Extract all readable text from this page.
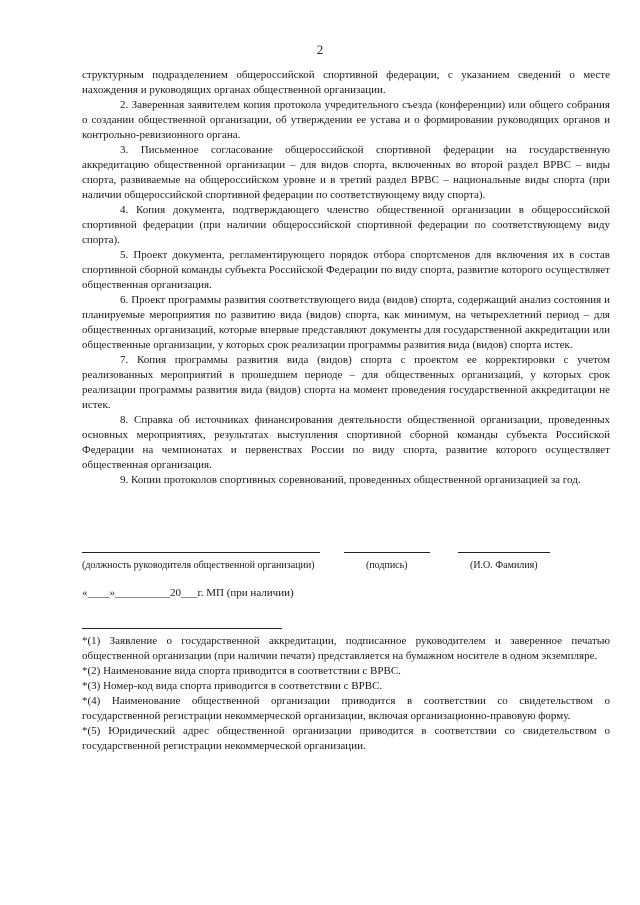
2

структурным подразделением общероссийской спортивной федерации, с указанием сведений о месте нахождения и руководящих органах общественной организации.

2. Заверенная заявителем копия протокола учредительного съезда (конференции) или общего собрания о создании общественной организации, об утверждении ее устава и о формировании руководящих органов и контрольно-ревизионного органа.

3. Письменное согласование общероссийской спортивной федерации на государственную аккредитацию общественной организации – для видов спорта, включенных во второй раздел ВРВС – виды спорта, развиваемые на общероссийском уровне и в третий раздел ВРВС – национальные виды спорта (при наличии общероссийской спортивной федерации по соответствующему виду спорта).

4. Копия документа, подтверждающего членство общественной организации в общероссийской спортивной федерации (при наличии общероссийской спортивной федерации по соответствующему виду спорта).

5. Проект документа, регламентирующего порядок отбора спортсменов для включения их в состав спортивной сборной команды субъекта Российской Федерации по виду спорта, развитие которого осуществляет общественная организация.

6. Проект программы развития соответствующего вида (видов) спорта, содержащий анализ состояния и планируемые мероприятия по развитию вида (видов) спорта, как минимум, на четырехлетний период – для общественных организаций, которые впервые представляют документы для государственной аккредитации или общественные организации, у которых срок реализации программы развития вида (видов) спорта истек.

7. Копия программы развития вида (видов) спорта с проектом ее корректировки с учетом реализованных мероприятий в прошедшем периоде – для общественных организаций, у которых срок реализации программы развития вида (видов) спорта на момент проведения государственной аккредитации не истек.

8. Справка об источниках финансирования деятельности общественной организации, проведенных основных мероприятиях, результатах выступления спортивной сборной команды субъекта Российской Федерации на чемпионатах и первенствах России по виду спорта, развитие которого осуществляет общественная организация.

9. Копии протоколов спортивных соревнований, проведенных общественной организацией за год.

(должность руководителя общественной организации)	(подпись)	(И.О. Фамилия)
«____»__________20___г. МП (при наличии)

*(1) Заявление о государственной аккредитации, подписанное руководителем и заверенное печатью общественной организации (при наличии печати) представляется на бумажном носителе в одном экземпляре.

*(2) Наименование вида спорта приводится в соответствии с ВРВС.

*(3) Номер-код вида спорта приводится в соответствии с ВРВС.

*(4) Наименование общественной организации приводится в соответствии со свидетельством о государственной регистрации некоммерческой организации, включая организационно-правовую форму.

*(5) Юридический адрес общественной организации приводится в соответствии со свидетельством о государственной регистрации некоммерческой организации.
